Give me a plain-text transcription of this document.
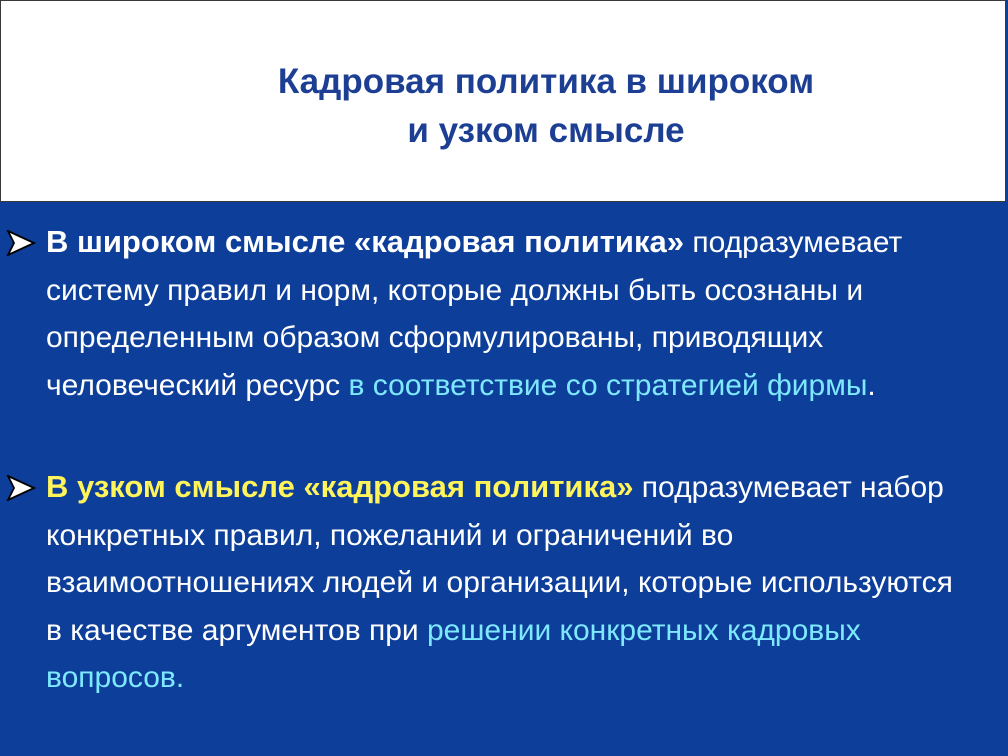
Кадровая политика в широком
и узком смысле
В широком смысле «кадровая политика» подразумевает систему правил и норм, которые должны быть осознаны и определенным образом сформулированы, приводящих человеческий ресурс в соответствие со стратегией фирмы.
В узком смысле «кадровая политика» подразумевает набор конкретных правил, пожеланий и ограничений во взаимоотношениях людей и организации, которые используются в качестве аргументов при решении конкретных кадровых вопросов.
